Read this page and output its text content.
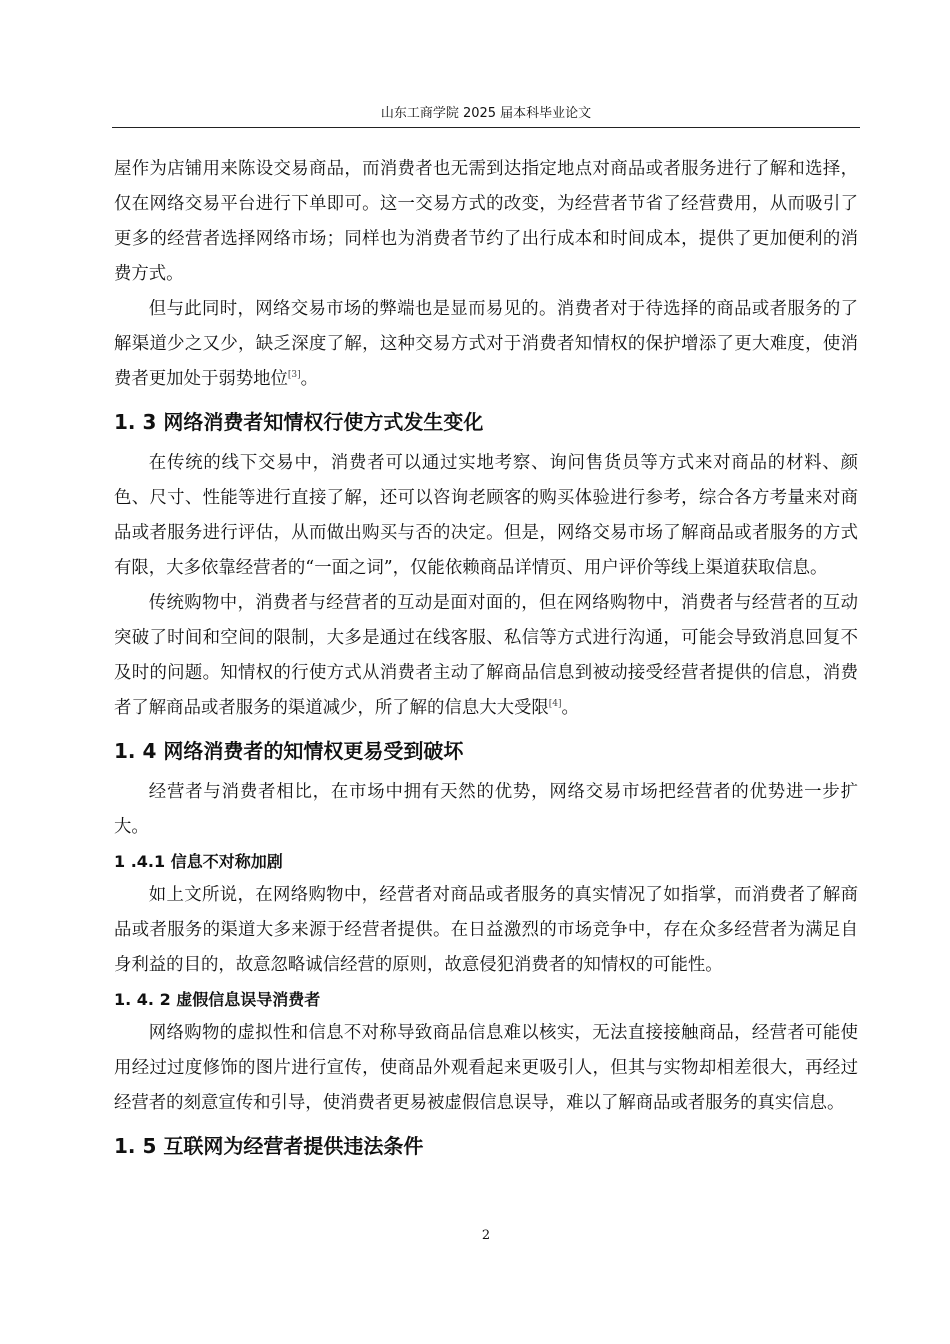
山东工商学院 2025 届本科毕业论文

屋作为店铺用来陈设交易商品，而消费者也无需到达指定地点对商品或者服务进行了解和选择，仅在网络交易平台进行下单即可。这一交易方式的改变，为经营者节省了经营费用，从而吸引了更多的经营者选择网络市场；同样也为消费者节约了出行成本和时间成本，提供了更加便利的消费方式。

但与此同时，网络交易市场的弊端也是显而易见的。消费者对于待选择的商品或者服务的了解渠道少之又少，缺乏深度了解，这种交易方式对于消费者知情权的保护增添了更大难度，使消费者更加处于弱势地位[3]。

1. 3 网络消费者知情权行使方式发生变化

在传统的线下交易中，消费者可以通过实地考察、询问售货员等方式来对商品的材料、颜色、尺寸、性能等进行直接了解，还可以咨询老顾客的购买体验进行参考，综合各方考量来对商品或者服务进行评估，从而做出购买与否的决定。但是，网络交易市场了解商品或者服务的方式有限，大多依靠经营者的“一面之词”，仅能依赖商品详情页、用户评价等线上渠道获取信息。

传统购物中，消费者与经营者的互动是面对面的，但在网络购物中，消费者与经营者的互动突破了时间和空间的限制，大多是通过在线客服、私信等方式进行沟通，可能会导致消息回复不及时的问题。知情权的行使方式从消费者主动了解商品信息到被动接受经营者提供的信息，消费者了解商品或者服务的渠道减少，所了解的信息大大受限[4]。

1. 4 网络消费者的知情权更易受到破坏

经营者与消费者相比，在市场中拥有天然的优势，网络交易市场把经营者的优势进一步扩大。

1 .4.1 信息不对称加剧

如上文所说，在网络购物中，经营者对商品或者服务的真实情况了如指掌，而消费者了解商品或者服务的渠道大多来源于经营者提供。在日益激烈的市场竞争中，存在众多经营者为满足自身利益的目的，故意忽略诚信经营的原则，故意侵犯消费者的知情权的可能性。

1. 4. 2 虚假信息误导消费者

网络购物的虚拟性和信息不对称导致商品信息难以核实，无法直接接触商品，经营者可能使用经过过度修饰的图片进行宣传，使商品外观看起来更吸引人，但其与实物却相差很大，再经过经营者的刻意宣传和引导，使消费者更易被虚假信息误导，难以了解商品或者服务的真实信息。

1. 5 互联网为经营者提供违法条件
2
